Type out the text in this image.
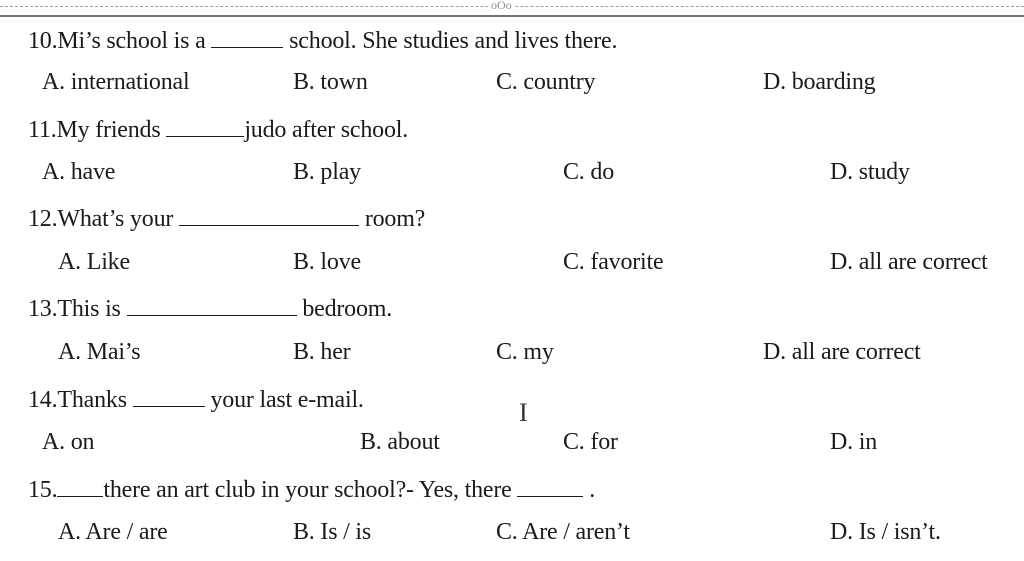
oOo
10.Mi’s school is a	school. She studies and lives there.
A. international	B. town	C. country	D. boarding
11.My friends	judo after school.
A. have	B. play	C. do	D. study
12.What’s your	room?
A. Like	B. love	C. favorite	D. all are correct
13.This is	bedroom.
A. Mai’s	B. her	C. my	D. all are correct
14.Thanks	your last e-mail.
A. on	B. about	C. for	D. in
15. there an art club in your school?- Yes, there	.
A. Are / are	B. Is / is	C. Are / aren’t	D. Is / isn’t.
I
